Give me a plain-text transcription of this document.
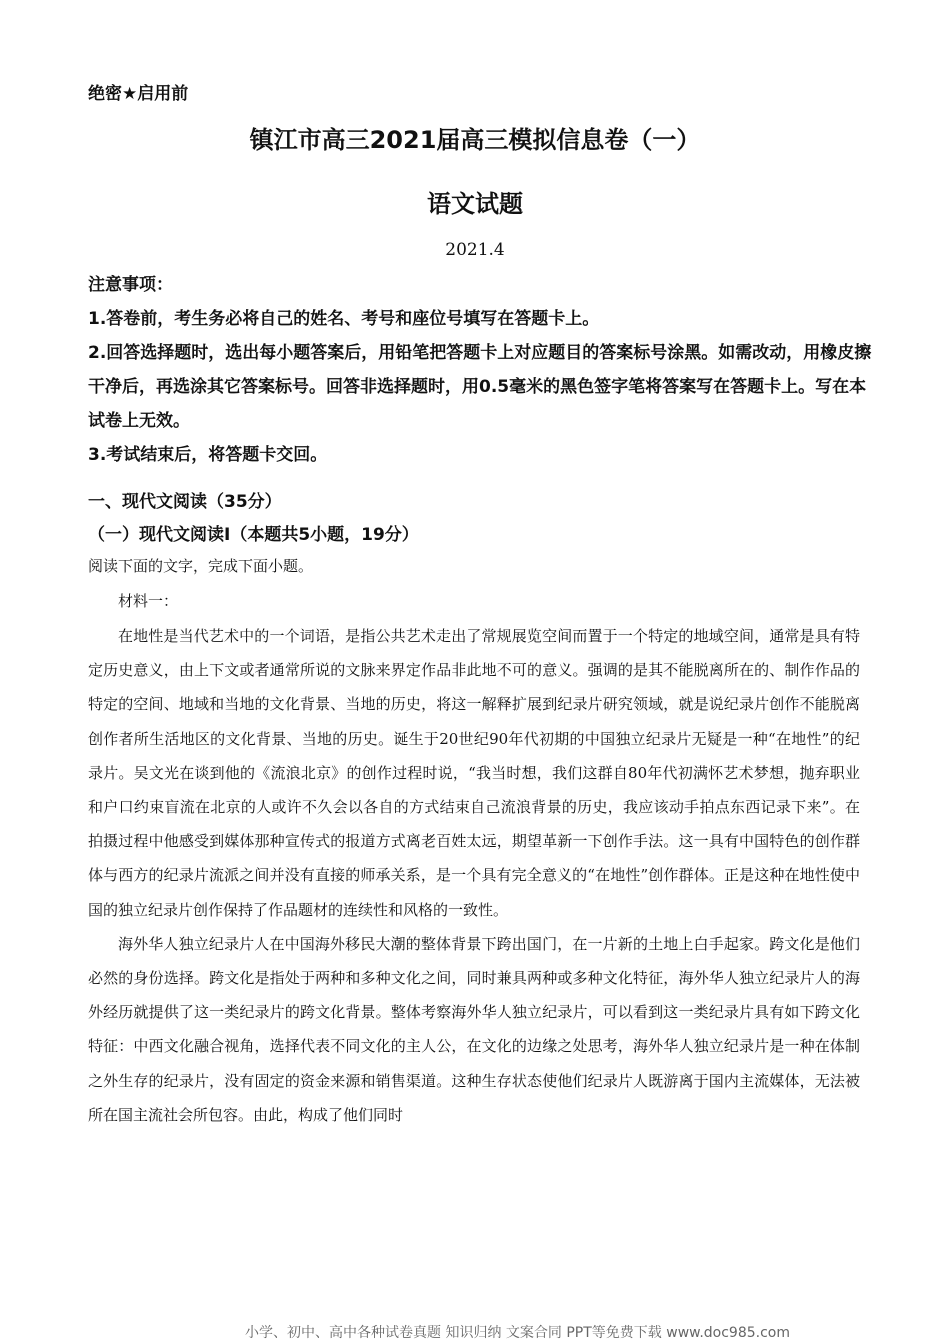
绝密★启用前
镇江市高三2021届高三模拟信息卷（一）
语文试题
2021.4

注意事项：

1.答卷前，考生务必将自己的姓名、考号和座位号填写在答题卡上。

2.回答选择题时，选出每小题答案后，用铅笔把答题卡上对应题目的答案标号涂黑。如需改动，用橡皮擦干净后，再选涂其它答案标号。回答非选择题时，用0.5毫米的黑色签字笔将答案写在答题卡上。写在本试卷上无效。

3.考试结束后，将答题卡交回。

一、现代文阅读（35分）
（一）现代文阅读Ⅰ（本题共5小题，19分）
阅读下面的文字，完成下面小题。
材料一：

在地性是当代艺术中的一个词语，是指公共艺术走出了常规展览空间而置于一个特定的地域空间，通常是具有特定历史意义，由上下文或者通常所说的文脉来界定作品非此地不可的意义。强调的是其不能脱离所在的、制作作品的特定的空间、地域和当地的文化背景、当地的历史，将这一解释扩展到纪录片研究领域，就是说纪录片创作不能脱离创作者所生活地区的文化背景、当地的历史。诞生于20世纪90年代初期的中国独立纪录片无疑是一种“在地性”的纪录片。吴文光在谈到他的《流浪北京》的创作过程时说，“我当时想，我们这群自80年代初满怀艺术梦想，抛弃职业和户口约束盲流在北京的人或许不久会以各自的方式结束自己流浪背景的历史，我应该动手拍点东西记录下来”。在拍摄过程中他感受到媒体那种宣传式的报道方式离老百姓太远，期望革新一下创作手法。这一具有中国特色的创作群体与西方的纪录片流派之间并没有直接的师承关系，是一个具有完全意义的“在地性”创作群体。正是这种在地性使中国的独立纪录片创作保持了作品题材的连续性和风格的一致性。

海外华人独立纪录片人在中国海外移民大潮的整体背景下跨出国门，在一片新的土地上白手起家。跨文化是他们必然的身份选择。跨文化是指处于两种和多种文化之间，同时兼具两种或多种文化特征，海外华人独立纪录片人的海外经历就提供了这一类纪录片的跨文化背景。整体考察海外华人独立纪录片，可以看到这一类纪录片具有如下跨文化特征：中西文化融合视角，选择代表不同文化的主人公，在文化的边缘之处思考，海外华人独立纪录片是一种在体制之外生存的纪录片，没有固定的资金来源和销售渠道。这种生存状态使他们纪录片人既游离于国内主流媒体，无法被所在国主流社会所包容。由此，构成了他们同时

小学、初中、高中各种试卷真题 知识归纳 文案合同 PPT等免费下载 www.doc985.com
